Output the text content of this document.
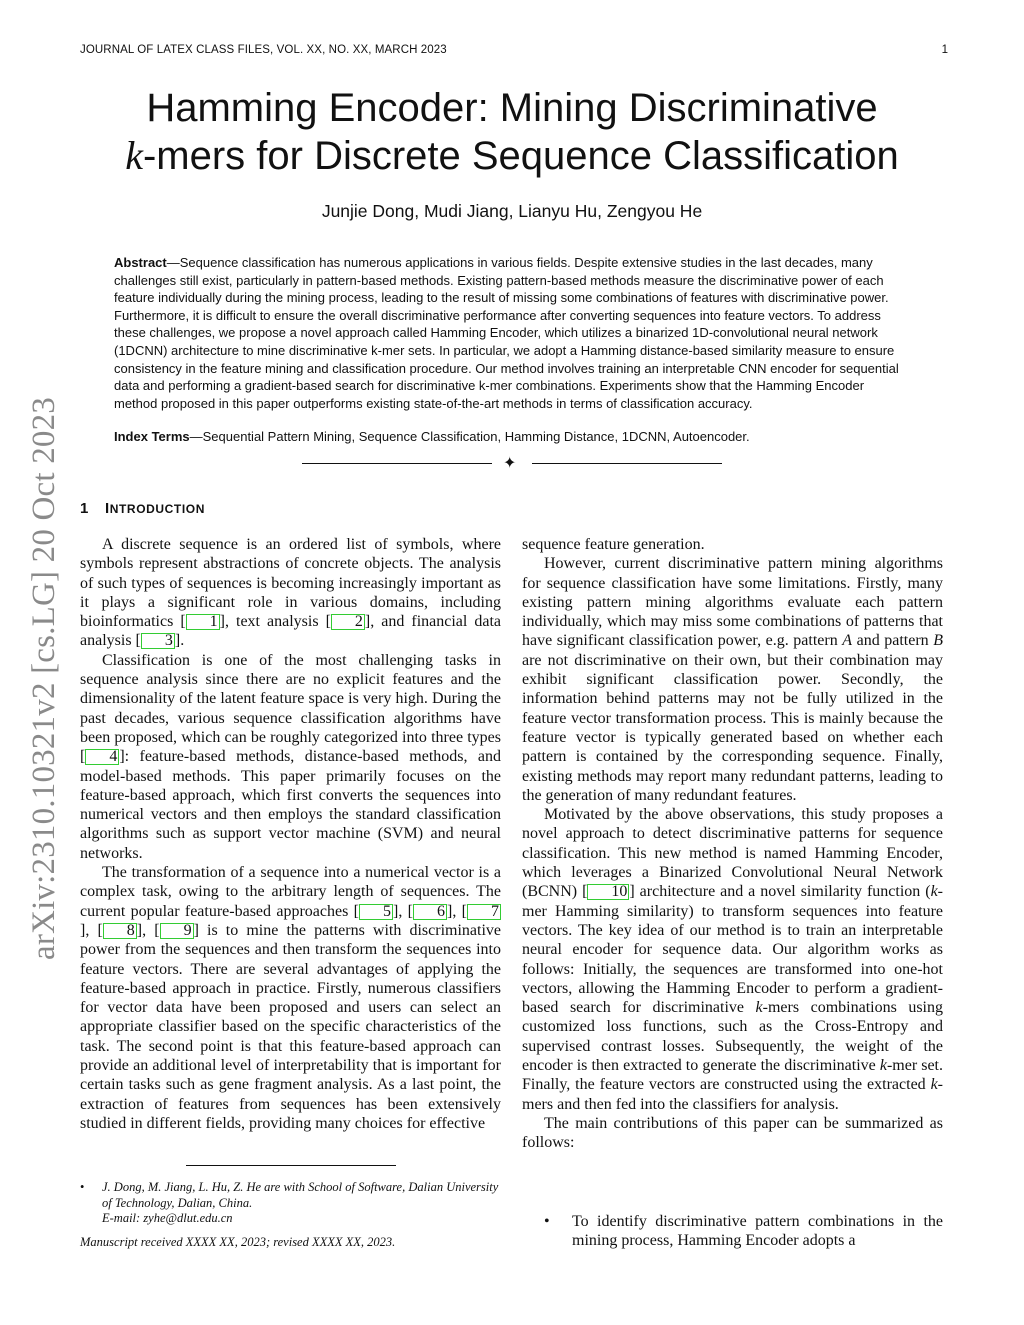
JOURNAL OF LATEX CLASS FILES, VOL. XX, NO. XX, MARCH 2023	1
arXiv:2310.10321v2 [cs.LG] 20 Oct 2023
Hamming Encoder: Mining Discriminative
k-mers for Discrete Sequence Classification
Junjie Dong, Mudi Jiang, Lianyu Hu, Zengyou He
Abstract—Sequence classification has numerous applications in various fields. Despite extensive studies in the last decades, many challenges still exist, particularly in pattern-based methods. Existing pattern-based methods measure the discriminative power of each feature individually during the mining process, leading to the result of missing some combinations of features with discriminative power. Furthermore, it is difficult to ensure the overall discriminative performance after converting sequences into feature vectors. To address these challenges, we propose a novel approach called Hamming Encoder, which utilizes a binarized 1D-convolutional neural network (1DCNN) architecture to mine discriminative k-mer sets. In particular, we adopt a Hamming distance-based similarity measure to ensure consistency in the feature mining and classification procedure. Our method involves training an interpretable CNN encoder for sequential data and performing a gradient-based search for discriminative k-mer combinations. Experiments show that the Hamming Encoder method proposed in this paper outperforms existing state-of-the-art methods in terms of classification accuracy.
Index Terms—Sequential Pattern Mining, Sequence Classification, Hamming Distance, 1DCNN, Autoencoder.
✦
1 INTRODUCTION

A discrete sequence is an ordered list of symbols, where symbols represent abstractions of concrete objects. The analysis of such types of sequences is becoming increasingly important as it plays a significant role in various domains, including bioinformatics [ 1 ], text analysis [ 2 ], and financial data analysis [ 3 ].

Classification is one of the most challenging tasks in sequence analysis since there are no explicit features and the dimensionality of the latent feature space is very high. During the past decades, various sequence classification algorithms have been proposed, which can be roughly categorized into three types [ 4 ]: feature-based methods, distance-based methods, and model-based methods. This paper primarily focuses on the feature-based approach, which first converts the sequences into numerical vectors and then employs the standard classification algorithms such as support vector machine (SVM) and neural networks.

The transformation of a sequence into a numerical vector is a complex task, owing to the arbitrary length of sequences. The current popular feature-based approaches [ 5 ], [ 6 ], [ 7], [ 8 ], [ 9 ] is to mine the patterns with discriminative power from the sequences and then transform the sequences into feature vectors. There are several advantages of applying the feature-based approach in practice. Firstly, numerous classifiers for vector data have been proposed and users can select an appropriate classifier based on the specific characteristics of the task. The second point is that this feature-based approach can provide an additional level of interpretability that is important for certain tasks such as gene fragment analysis. As a last point, the extraction of features from sequences has been extensively studied in different fields, providing many choices for effective

• J. Dong, M. Jiang, L. Hu, Z. He are with School of Software, Dalian University of Technology, Dalian, China.
E-mail: zyhe@dlut.edu.cn
Manuscript received XXXX XX, 2023; revised XXXX XX, 2023.

sequence feature generation.

However, current discriminative pattern mining algorithms for sequence classification have some limitations. Firstly, many existing pattern mining algorithms evaluate each pattern individually, which may miss some combinations of patterns that have significant classification power, e.g. pattern A and pattern B are not discriminative on their own, but their combination may exhibit significant classification power. Secondly, the information behind patterns may not be fully utilized in the feature vector transformation process. This is mainly because the feature vector is typically generated based on whether each pattern is contained by the corresponding sequence. Finally, existing methods may report many redundant patterns, leading to the generation of many redundant features.

Motivated by the above observations, this study proposes a novel approach to detect discriminative patterns for sequence classification. This new method is named Hamming Encoder, which leverages a Binarized Convolutional Neural Network (BCNN) [ 10 ] architecture and a novel similarity function (k-mer Hamming similarity) to transform sequences into feature vectors. The key idea of our method is to train an interpretable neural encoder for sequence data. Our algorithm works as follows: Initially, the sequences are transformed into one-hot vectors, allowing the Hamming Encoder to perform a gradient-based search for discriminative k-mers combinations using customized loss functions, such as the Cross-Entropy and supervised contrast losses. Subsequently, the weight of the encoder is then extracted to generate the discriminative k-mer set. Finally, the feature vectors are constructed using the extracted k-mers and then fed into the classifiers for analysis.

The main contributions of this paper can be summarized as follows:

• To identify discriminative pattern combinations in the mining process, Hamming Encoder adopts a
